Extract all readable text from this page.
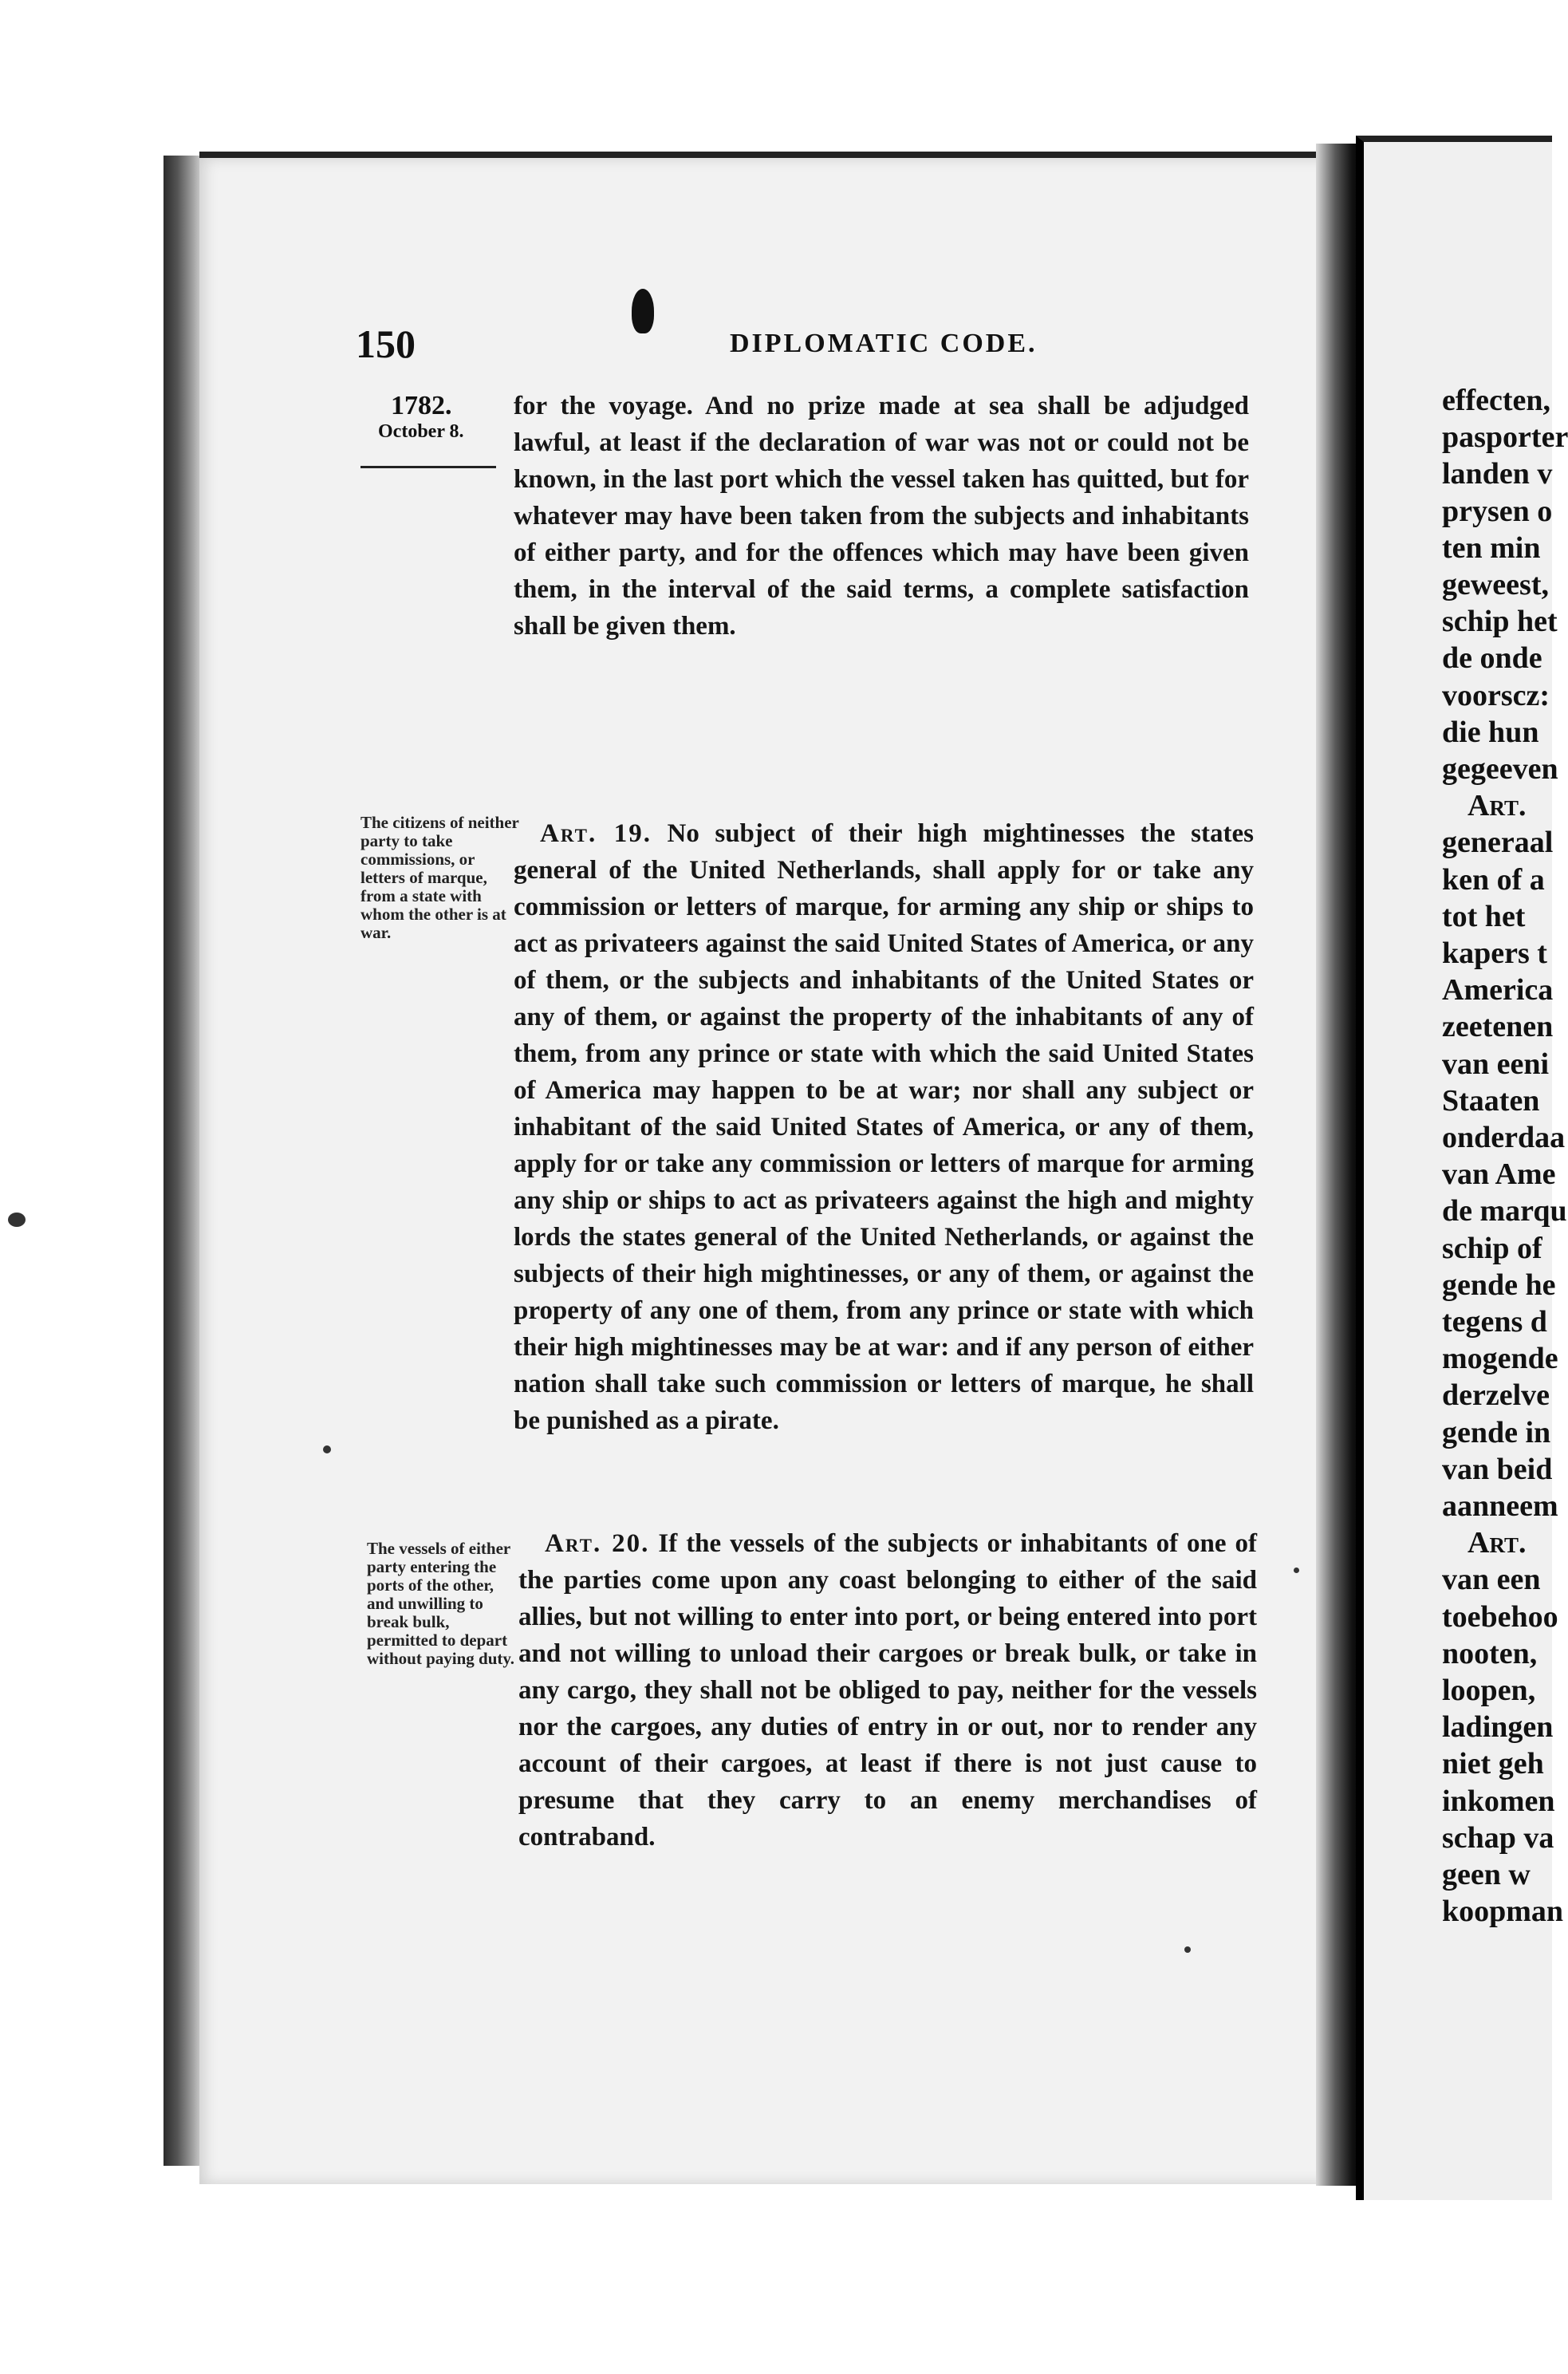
150	DIPLOMATIC CODE.
1782.
October 8.
for the voyage. And no prize made at sea shall be adjudged lawful, at least if the declaration of war was not or could not be known, in the last port which the vessel taken has quitted, but for whatever may have been taken from the subjects and inhabitants of either party, and for the offences which may have been given them, in the interval of the said terms, a complete satisfaction shall be given them.
The citizens of neither party to take commissions, or letters of marque, from a state with whom the other is at war.
 Art. 19. No subject of their high mightinesses the states general of the United Netherlands, shall apply for or take any commission or letters of marque, for arming any ship or ships to act as privateers against the said United States of America, or any of them, or the subjects and inhabitants of the United States or any of them, or against the property of the inhabitants of any of them, from any prince or state with which the said United States of America may happen to be at war; nor shall any subject or inhabitant of the said United States of America, or any of them, apply for or take any commission or letters of marque for arming any ship or ships to act as privateers against the high and mighty lords the states general of the United Netherlands, or against the subjects of their high mightinesses, or any of them, or against the property of any one of them, from any prince or state with which their high mightinesses may be at war: and if any person of either nation shall take such commission or letters of marque, he shall be punished as a pirate.
The vessels of either party entering the ports of the other, and unwilling to break bulk, permitted to depart without paying duty.
 Art. 20. If the vessels of the subjects or inhabitants of one of the parties come upon any coast belonging to either of the said allies, but not willing to enter into port, or being entered into port and not willing to unload their cargoes or break bulk, or take in any cargo, they shall not be obliged to pay, neither for the vessels nor the cargoes, any duties of entry in or out, nor to render any account of their cargoes, at least if there is not just cause to presume that they carry to an enemy merchandises of contraband.
effecten,
pasporter
landen v
prysen o
ten min
geweest,
schip het
de onde
voorscz:
die hun
gegeeven
Art.
generaal
ken of a
tot het
kapers t
America
zeetenen
van eeni
Staaten
onderdaa
van Ame
de marqu
schip of
gende he
tegens d
mogende
derzelve
gende in
van beid
aanneem
Art.
van een
toebehoo
nooten,
loopen,
ladingen
niet geh
inkomen
schap va
geen w
koopman
